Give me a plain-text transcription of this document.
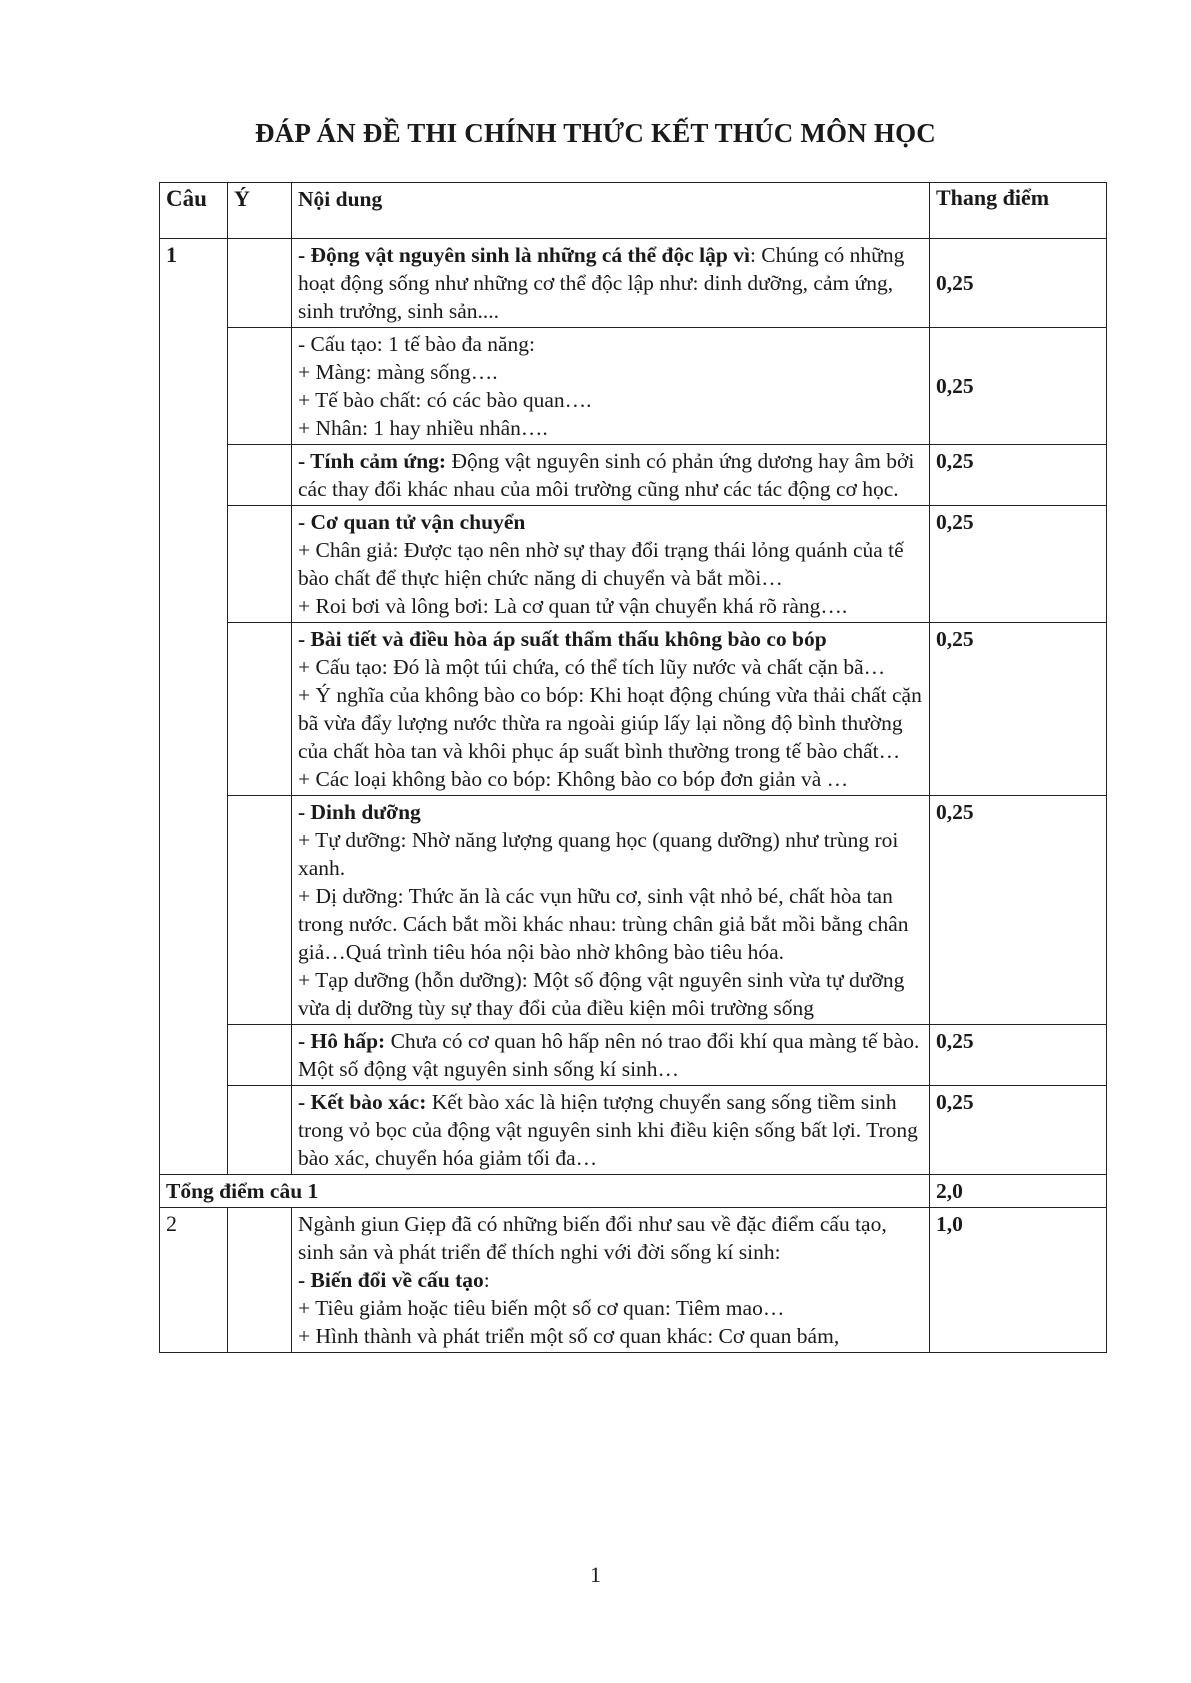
ĐÁP ÁN ĐỀ THI CHÍNH THỨC KẾT THÚC MÔN HỌC
Câu	Ý	Nội dung	Thang điểm
1		- Động vật nguyên sinh là những cá thể độc lập vì: Chúng có những hoạt động sống như những cơ thể độc lập như: dinh dưỡng, cảm ứng, sinh trưởng, sinh sản....	0,25

		- Cấu tạo: 1 tế bào đa năng:
+ Màng: màng sống….
+ Tế bào chất: có các bào quan….
+ Nhân: 1 hay nhiều nhân….	0,25

		- Tính cảm ứng: Động vật nguyên sinh có phản ứng dương hay âm bởi các thay đổi khác nhau của môi trường cũng như các tác động cơ học.	0,25

		- Cơ quan tử vận chuyển
+ Chân giả: Được tạo nên nhờ sự thay đổi trạng thái lỏng quánh của tế bào chất để thực hiện chức năng di chuyển và bắt mồi…
+ Roi bơi và lông bơi: Là cơ quan tử vận chuyển khá rõ ràng….	0,25

		- Bài tiết và điều hòa áp suất thẩm thấu không bào co bóp
+ Cấu tạo: Đó là một túi chứa, có thể tích lũy nước và chất cặn bã…
+ Ý nghĩa của không bào co bóp: Khi hoạt động chúng vừa thải chất cặn bã vừa đẩy lượng nước thừa ra ngoài giúp lấy lại nồng độ bình thường của chất hòa tan và khôi phục áp suất bình thường trong tế bào chất…
+ Các loại không bào co bóp: Không bào co bóp đơn giản và …	0,25

		- Dinh dưỡng
+ Tự dưỡng: Nhờ năng lượng quang học (quang dưỡng) như trùng roi xanh.
+ Dị dưỡng: Thức ăn là các vụn hữu cơ, sinh vật nhỏ bé, chất hòa tan trong nước. Cách bắt mồi khác nhau: trùng chân giả bắt mồi bằng chân giả…Quá trình tiêu hóa nội bào nhờ không bào tiêu hóa.
+ Tạp dưỡng (hỗn dưỡng): Một số động vật nguyên sinh vừa tự dưỡng vừa dị dưỡng tùy sự thay đổi của điều kiện môi trường sống	0,25

		- Hô hấp: Chưa có cơ quan hô hấp nên nó trao đổi khí qua màng tế bào. Một số động vật nguyên sinh sống kí sinh…	0,25

		- Kết bào xác: Kết bào xác là hiện tượng chuyển sang sống tiềm sinh trong vỏ bọc của động vật nguyên sinh khi điều kiện sống bất lợi. Trong bào xác, chuyển hóa giảm tối đa…	0,25
Tổng điểm câu 1			2,0
2		Ngành giun Giẹp đã có những biến đổi như sau về đặc điểm cấu tạo, sinh sản và phát triển để thích nghi với đời sống kí sinh:
- Biến đổi về cấu tạo:
+ Tiêu giảm hoặc tiêu biến một số cơ quan: Tiêm mao…
+ Hình thành và phát triển một số cơ quan khác: Cơ quan bám,	1,0
1
